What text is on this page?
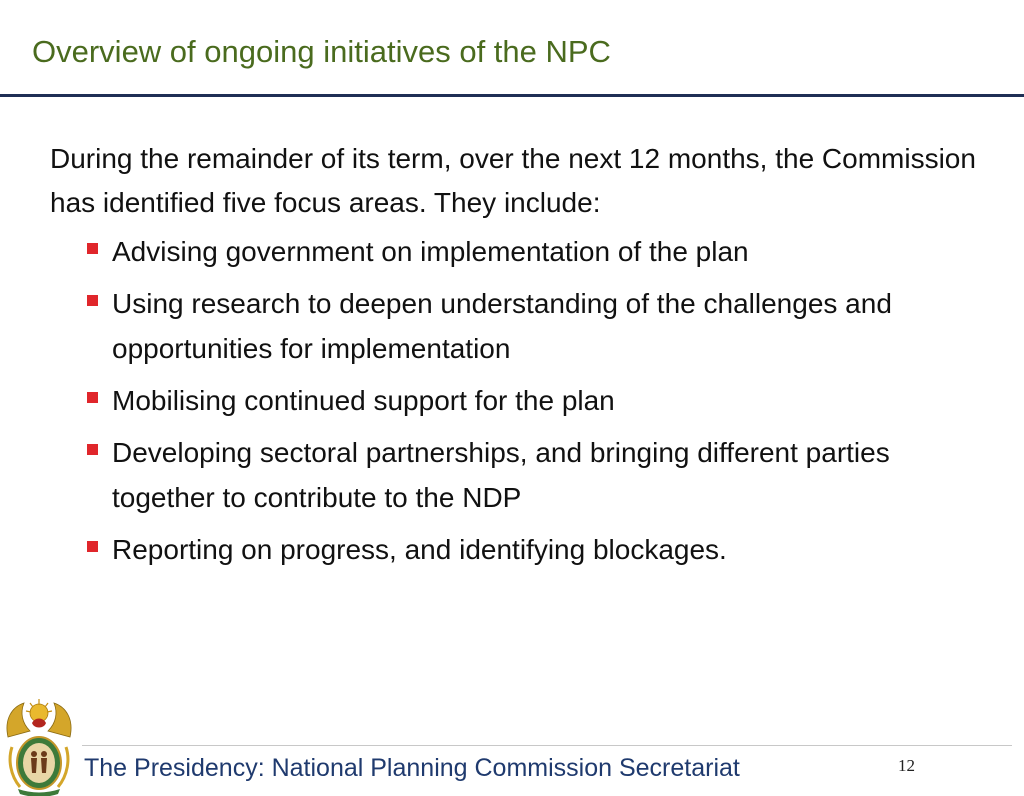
Overview of ongoing initiatives of the NPC
During the remainder of its term, over the next 12 months, the Commission has identified five focus areas. They include:
Advising government on implementation of the plan
Using research to deepen understanding of the challenges and opportunities for implementation
Mobilising continued support for the plan
Developing sectoral partnerships, and bringing different parties together to contribute to the NDP
Reporting on progress, and identifying blockages.
The Presidency: National Planning Commission Secretariat	12
